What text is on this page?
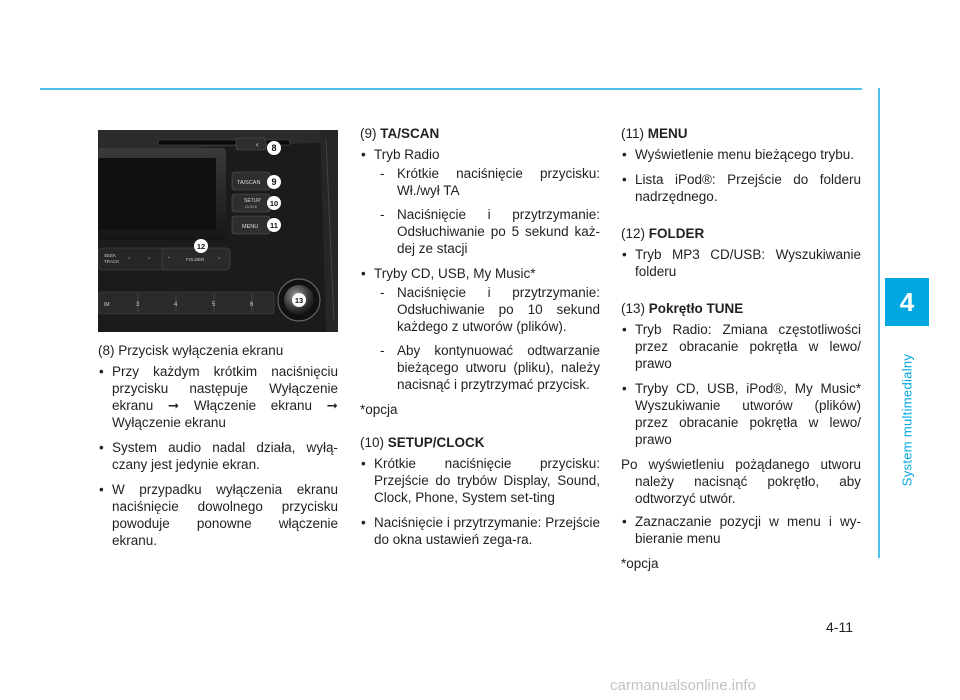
4
System multimedialny
‹
TA/SCAN
SETUP
CLOCK
MENU
SEEK
TRACK ˆ	ˆ	ˇ	FOLDER ˆ
IM	3	4	5	6
8
9
10
11
12
13

(8) Przycisk wyłączenia ekranu

• Przy każdym krótkim naciśnięciu przycisku następuje Wyłączenie ekranu ➞ Włączenie ekranu ➞ Wyłączenie ekranu
• System audio nadal działa, wyłą-czany jest jedynie ekran.
• W przypadku wyłączenia ekranu naciśnięcie dowolnego przycisku powoduje ponowne włączenie ekranu.

(9) TA/SCAN

• Tryb Radio
- Krótkie naciśnięcie przycisku: Wł./wył TA
- Naciśnięcie i przytrzymanie: Odsłuchiwanie po 5 sekund każ-dej ze stacji
• Tryby CD, USB, My Music*
- Naciśnięcie i przytrzymanie: Odsłuchiwanie po 10 sekund każdego z utworów (plików).
- Aby kontynuować odtwarzanie bieżącego utworu (pliku), należy nacisnąć i przytrzymać przycisk.

*opcja

(10) SETUP/CLOCK

• Krótkie naciśnięcie przycisku: Przejście do trybów Display, Sound, Clock, Phone, System set-ting
• Naciśnięcie i przytrzymanie: Przejście do okna ustawień zega-ra.

(11) MENU

• Wyświetlenie menu bieżącego trybu.
• Lista iPod®: Przejście do folderu nadrzędnego.

(12) FOLDER

• Tryb MP3 CD/USB: Wyszukiwanie folderu

(13) Pokrętło TUNE

• Tryb Radio: Zmiana częstotliwości przez obracanie pokrętła w lewo/ prawo
• Tryby CD, USB, iPod®, My Music* Wyszukiwanie utworów (plików) przez obracanie pokrętła w lewo/ prawo

Po wyświetleniu pożądanego utworu należy nacisnąć pokrętło, aby odtworzyć utwór.

• Zaznaczanie pozycji w menu i wy-bieranie menu

*opcja

4-11
carmanualsonline.info
